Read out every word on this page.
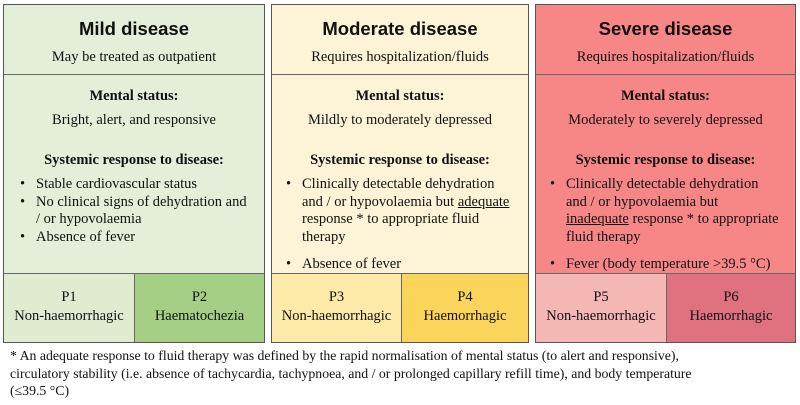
Mild disease
May be treated as outpatient
Mental status:
Bright, alert, and responsive
Systemic response to disease:
• Stable cardiovascular status
• No clinical signs of dehydration and
/ or hypovolaemia
• Absence of fever
P1
Non-haemorrhagic
P2
Haematochezia
Moderate disease
Requires hospitalization/fluids
Mental status:
Mildly to moderately depressed
Systemic response to disease:
• Clinically detectable dehydration
and / or hypovolaemia but adequate
response * to appropriate fluid
therapy
• Absence of fever
P3
Non-haemorrhagic
P4
Haemorrhagic
Severe disease
Requires hospitalization/fluids
Mental status:
Moderately to severely depressed
Systemic response to disease:
• Clinically detectable dehydration
and / or hypovolaemia but
inadequate response * to appropriate
fluid therapy
• Fever (body temperature >39.5 °C)
P5
Non-haemorrhagic
P6
Haemorrhagic
* An adequate response to fluid therapy was defined by the rapid normalisation of mental status (to alert and responsive),
circulatory stability (i.e. absence of tachycardia, tachypnoea, and / or prolonged capillary refill time), and body temperature
(≤39.5 °C)
